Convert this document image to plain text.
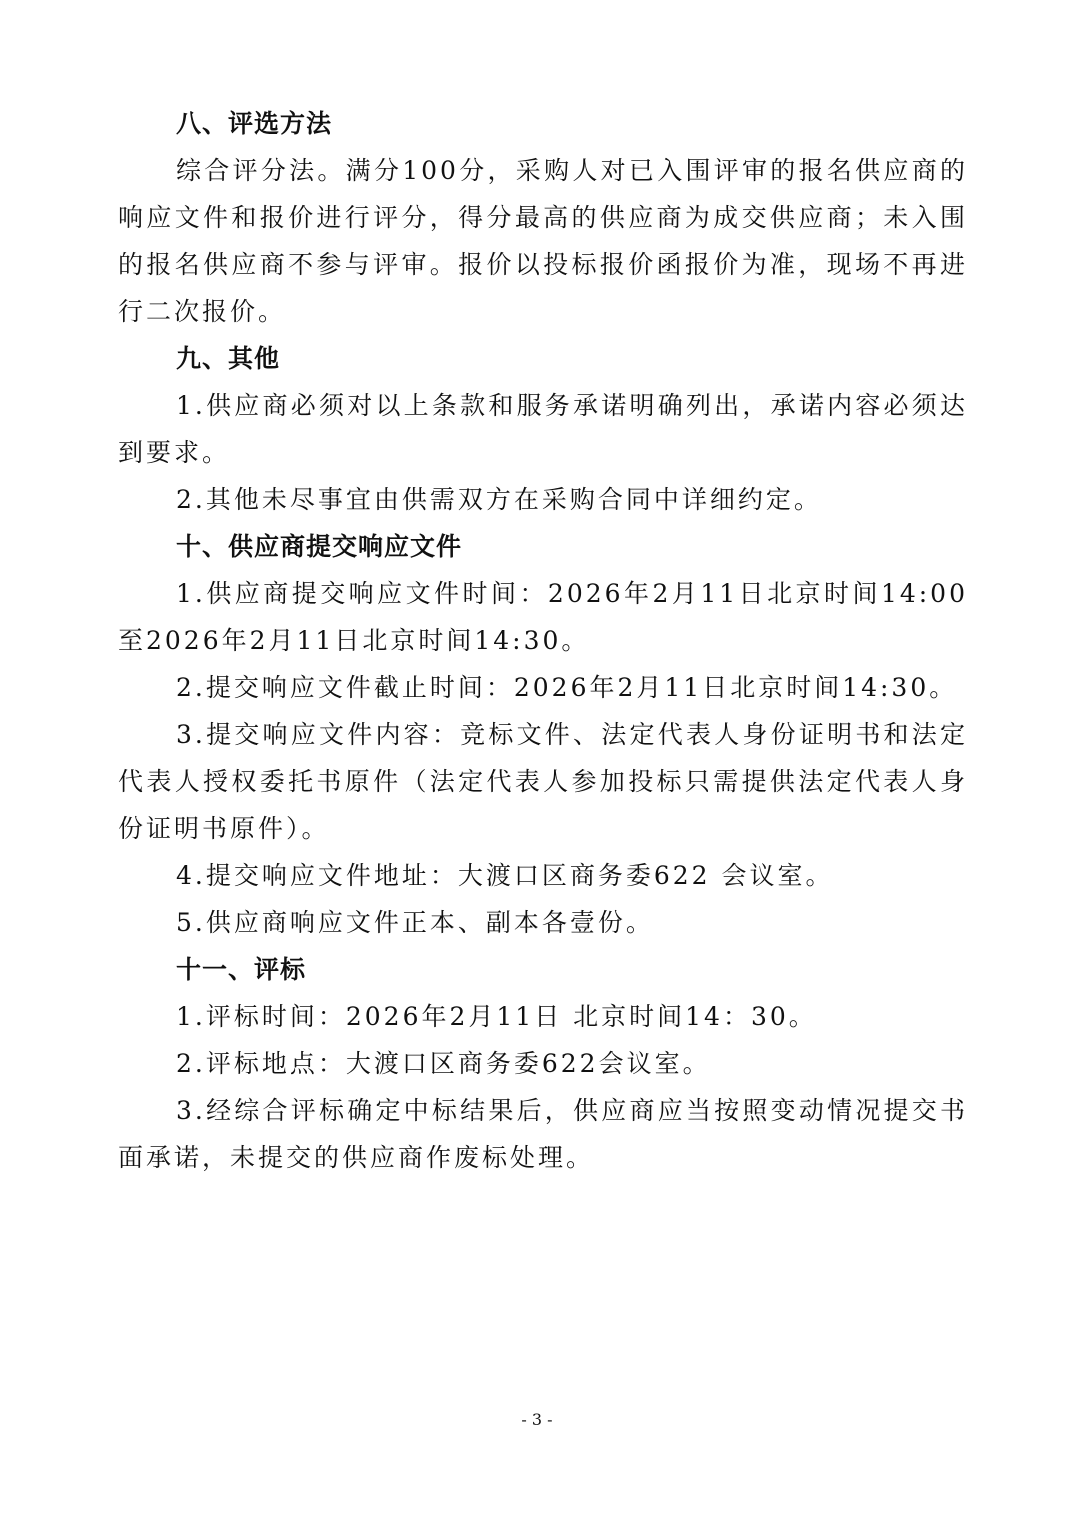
八、评选方法

综合评分法。满分100分，采购人对已入围评审的报名供应商的响应文件和报价进行评分，得分最高的供应商为成交供应商；未入围的报名供应商不参与评审。报价以投标报价函报价为准，现场不再进行二次报价。

九、其他

1.供应商必须对以上条款和服务承诺明确列出，承诺内容必须达到要求。

2.其他未尽事宜由供需双方在采购合同中详细约定。

十、供应商提交响应文件

1.供应商提交响应文件时间：2026年2月11日北京时间14:00 至2026年2月11日北京时间14:30。

2.提交响应文件截止时间：2026年2月11日北京时间14:30。

3.提交响应文件内容：竞标文件、法定代表人身份证明书和法定代表人授权委托书原件（法定代表人参加投标只需提供法定代表人身份证明书原件）。

4.提交响应文件地址：大渡口区商务委622 会议室。

5.供应商响应文件正本、副本各壹份。

十一、评标

1.评标时间：2026年2月11日 北京时间14：30。

2.评标地点：大渡口区商务委622会议室。

3.经综合评标确定中标结果后，供应商应当按照变动情况提交书面承诺，未提交的供应商作废标处理。

- 3 -
